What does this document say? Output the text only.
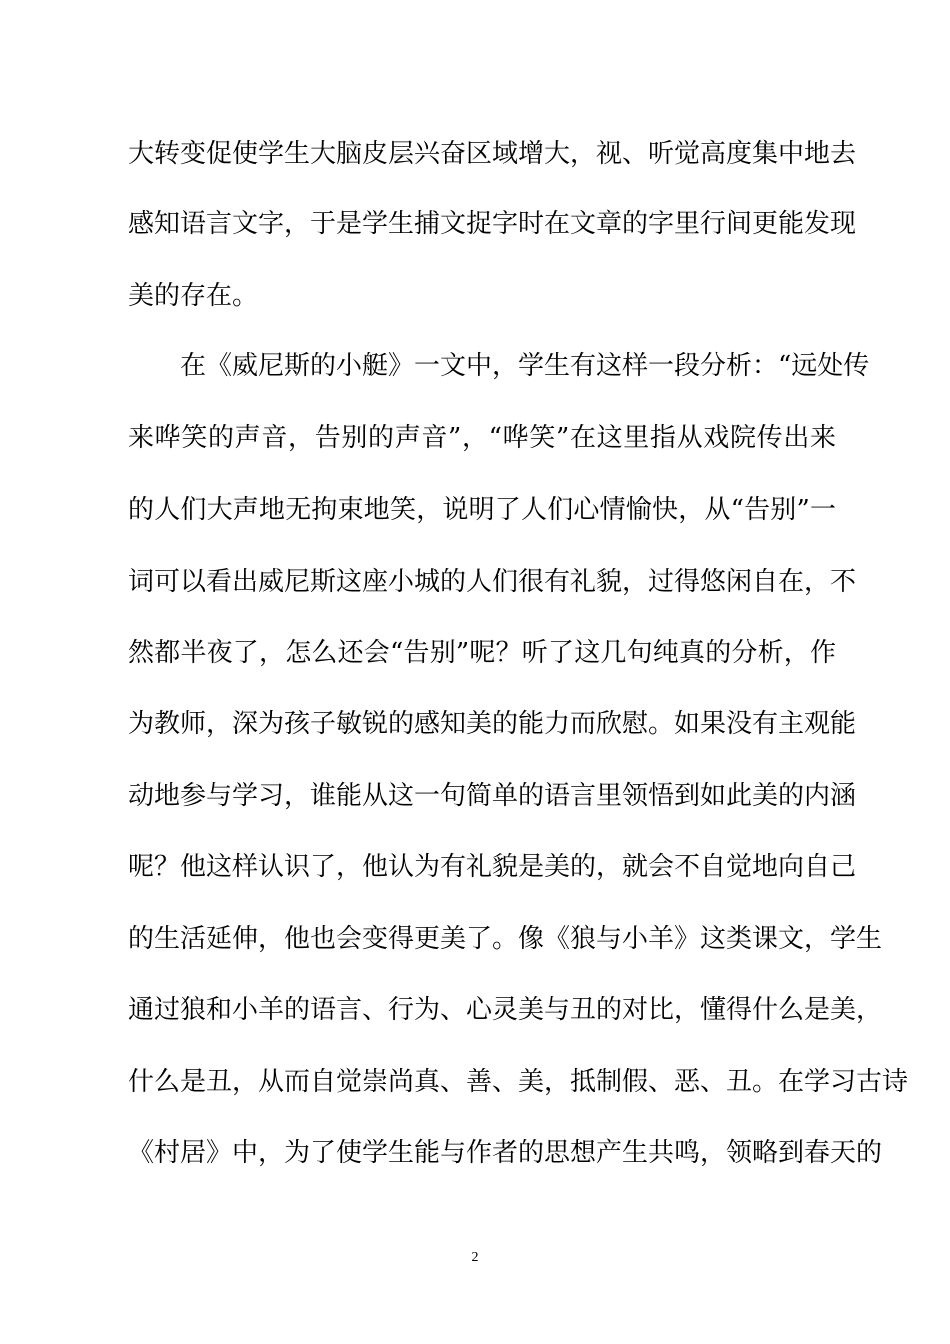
大转变促使学生大脑皮层兴奋区域增大，视、听觉高度集中地去
感知语言文字，于是学生捕文捉字时在文章的字里行间更能发现
美的存在。
在《威尼斯的小艇》一文中，学生有这样一段分析：“远处传
来哗笑的声音，告别的声音”，“哗笑”在这里指从戏院传出来
的人们大声地无拘束地笑，说明了人们心情愉快，从“告别”一
词可以看出威尼斯这座小城的人们很有礼貌，过得悠闲自在，不
然都半夜了，怎么还会“告别”呢？听了这几句纯真的分析，作
为教师，深为孩子敏锐的感知美的能力而欣慰。如果没有主观能
动地参与学习，谁能从这一句简单的语言里领悟到如此美的内涵
呢？他这样认识了，他认为有礼貌是美的，就会不自觉地向自己
的生活延伸，他也会变得更美了。像《狼与小羊》这类课文，学生
通过狼和小羊的语言、行为、心灵美与丑的对比，懂得什么是美，
什么是丑，从而自觉崇尚真、善、美，抵制假、恶、丑。在学习古诗
《村居》中，为了使学生能与作者的思想产生共鸣，领略到春天的
2
